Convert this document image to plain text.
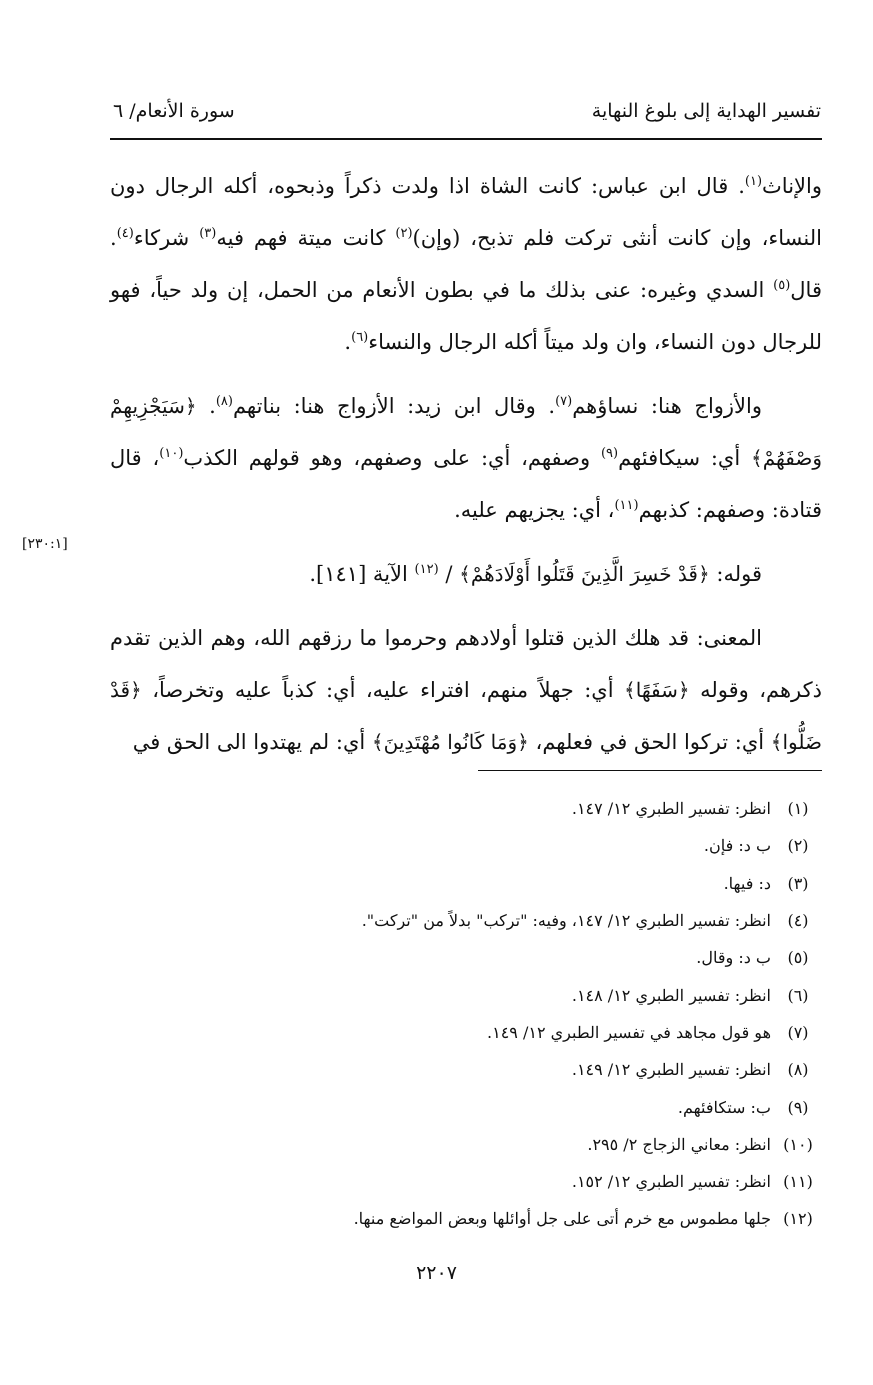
تفسير الهداية إلى بلوغ النهاية
سورة الأنعام/ ٦
[٢٣٠:١]

والإناث$^{(١)}$. قال ابن عباس: كانت الشاة اذا ولدت ذكراً وذبحوه، أكله الرجال دون النساء، وإن كانت أنثى تركت فلم تذبح، (وإن)$^{(٢)}$ كانت ميتة فهم فيه$^{(٣)}$ شركاء$^{(٤)}$. قال$^{(٥)}$ السدي وغيره: عنى بذلك ما في بطون الأنعام من الحمل، إن ولد حياً، فهو للرجال دون النساء، وان ولد ميتاً أكله الرجال والنساء$^{(٦)}$.

والأزواج هنا: نساؤهم$^{(٧)}$. وقال ابن زيد: الأزواج هنا: بناتهم$^{(٨)}$. ﴿سَيَجْزِيهِمْ وَصْفَهُمْ﴾ أي: سيكافئهم$^{(٩)}$ وصفهم، أي: على وصفهم، وهو قولهم الكذب$^{(١٠)}$، قال قتادة: وصفهم: كذبهم$^{(١١)}$، أي: يجزيهم عليه.

قوله: ﴿قَدْ خَسِرَ الَّذِينَ قَتَلُوا أَوْلَادَهُمْ﴾ / $^{(١٢)}$ الآية [١٤١].

المعنى: قد هلك الذين قتلوا أولادهم وحرموا ما رزقهم الله، وهم الذين تقدم ذكرهم، وقوله ﴿سَفَهًا﴾ أي: جهلاً منهم، افتراء عليه، أي: كذباً عليه وتخرصاً، ﴿قَدْ ضَلُّوا﴾ أي: تركوا الحق في فعلهم، ﴿وَمَا كَانُوا مُهْتَدِينَ﴾ أي: لم يهتدوا الى الحق في

(١)
انظر: تفسير الطبري ١٢/ ١٤٧.
(٢)
ب د: فإن.
(٣)
د: فيها.
(٤)
انظر: تفسير الطبري ١٢/ ١٤٧، وفيه: "تركب" بدلاً من "تركت".
(٥)
ب د: وقال.
(٦)
انظر: تفسير الطبري ١٢/ ١٤٨.
(٧)
هو قول مجاهد في تفسير الطبري ١٢/ ١٤٩.
(٨)
انظر: تفسير الطبري ١٢/ ١٤٩.
(٩)
ب: ستكافئهم.
(١٠)
انظر: معاني الزجاج ٢/ ٢٩٥.
(١١)
انظر: تفسير الطبري ١٢/ ١٥٢.
(١٢)
جلها مطموس مع خرم أتى على جل أوائلها وبعض المواضع منها.
٢٢٠٧
